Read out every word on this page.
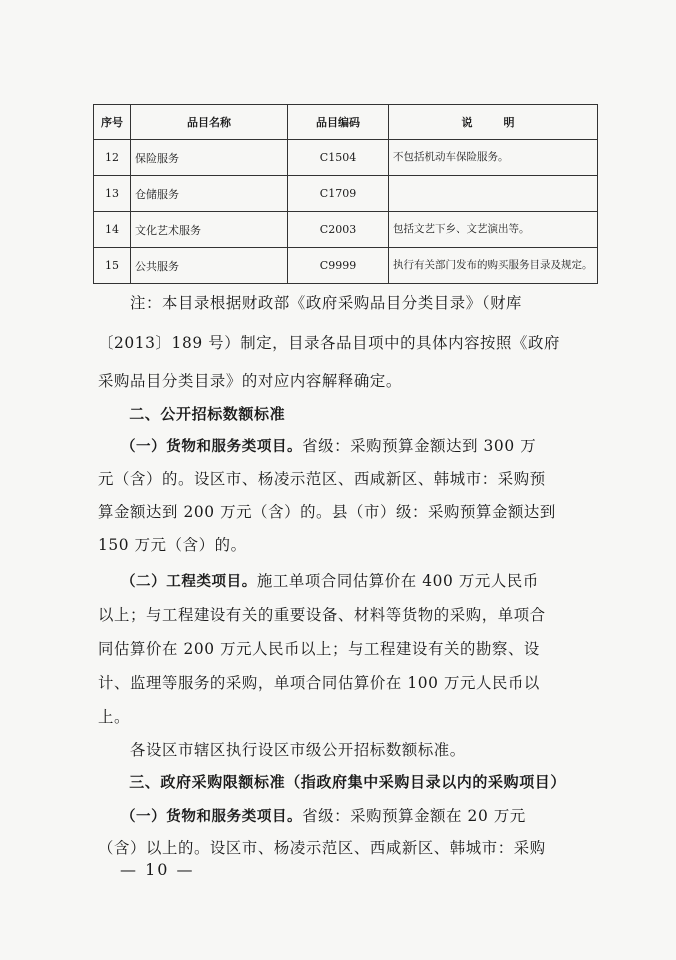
序号	品目名称	品目编码	说　明
12	保险服务	C1504	不包括机动车保险服务。
13	仓储服务	C1709	
14	文化艺术服务	C2003	包括文艺下乡、文艺演出等。
15	公共服务	C9999	执行有关部门发布的购买服务目录及规定。
　　注：本目录根据财政部《政府采购品目分类目录》（财库
〔2013〕189 号）制定，目录各品目项中的具体内容按照《政府
采购品目分类目录》的对应内容解释确定。
　　二、公开招标数额标准
　　（一）货物和服务类项目。省级：采购预算金额达到 300 万
元（含）的。设区市、杨凌示范区、西咸新区、韩城市：采购预
算金额达到 200 万元（含）的。县（市）级：采购预算金额达到
150 万元（含）的。
　　（二）工程类项目。施工单项合同估算价在 400 万元人民币
以上；与工程建设有关的重要设备、材料等货物的采购，单项合
同估算价在 200 万元人民币以上；与工程建设有关的勘察、设
计、监理等服务的采购，单项合同估算价在 100 万元人民币以
上。
　　各设区市辖区执行设区市级公开招标数额标准。
　　三、政府采购限额标准（指政府集中采购目录以内的采购项目）
　　（一）货物和服务类项目。省级：采购预算金额在 20 万元
（含）以上的。设区市、杨凌示范区、西咸新区、韩城市：采购
— 10 —
